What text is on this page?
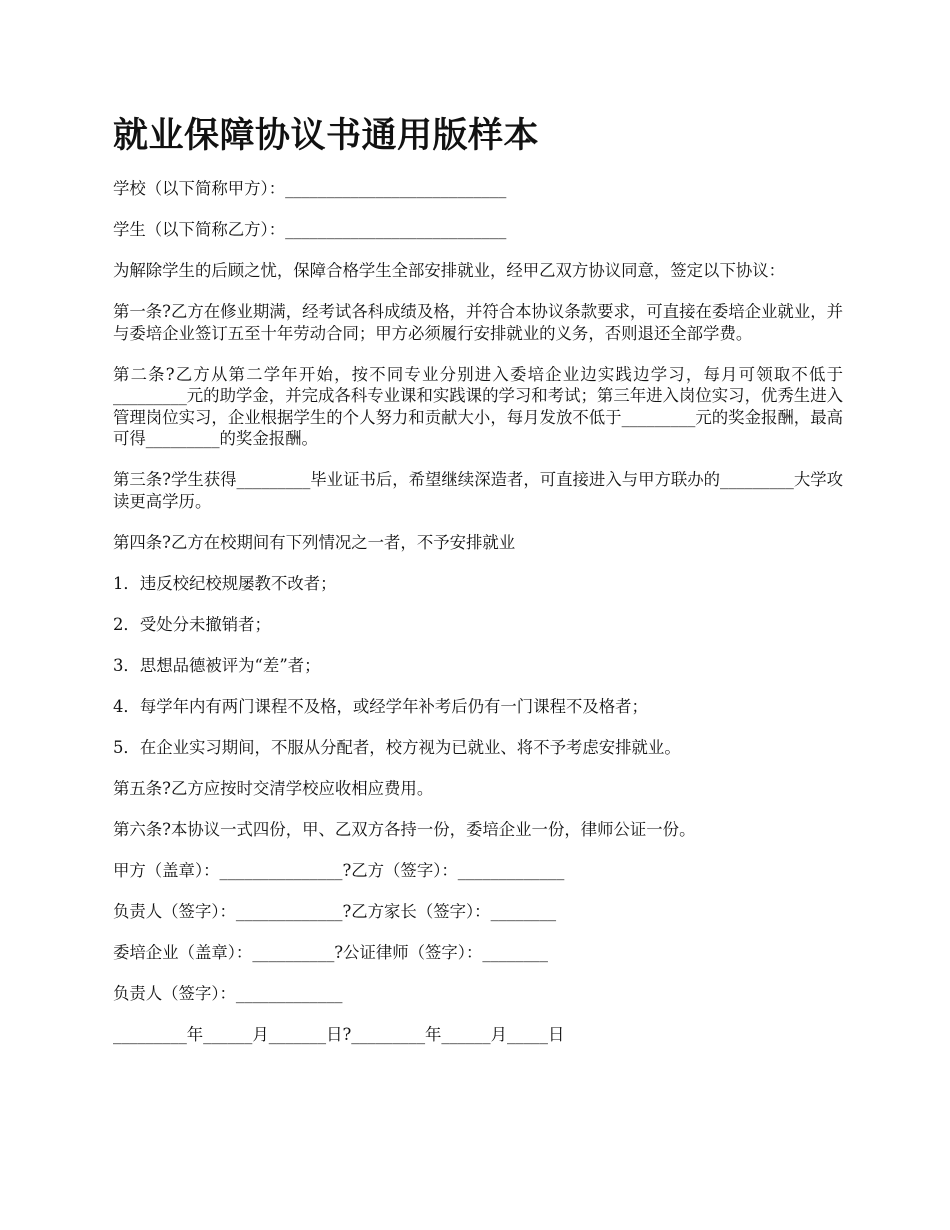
就业保障协议书通用版样本

学校（以下简称甲方）：___________________________

学生（以下简称乙方）：___________________________

为解除学生的后顾之忧，保障合格学生全部安排就业，经甲乙双方协议同意，签定以下协议：

第一条?乙方在修业期满，经考试各科成绩及格，并符合本协议条款要求，可直接在委培企业就业，并与委培企业签订五至十年劳动合同；甲方必须履行安排就业的义务，否则退还全部学费。

第二条?乙方从第二学年开始，按不同专业分别进入委培企业边实践边学习，每月可领取不低于_________元的助学金，并完成各科专业课和实践课的学习和考试；第三年进入岗位实习，优秀生进入管理岗位实习，企业根据学生的个人努力和贡献大小，每月发放不低于_________元的奖金报酬，最高可得_________的奖金报酬。

第三条?学生获得_________毕业证书后，希望继续深造者，可直接进入与甲方联办的_________大学攻读更高学历。

第四条?乙方在校期间有下列情况之一者，不予安排就业

1．违反校纪校规屡教不改者；

2．受处分未撤销者；

3．思想品德被评为“差”者；

4．每学年内有两门课程不及格，或经学年补考后仍有一门课程不及格者；

5．在企业实习期间，不服从分配者，校方视为已就业、将不予考虑安排就业。

第五条?乙方应按时交清学校应收相应费用。

第六条?本协议一式四份，甲、乙双方各持一份，委培企业一份，律师公证一份。

甲方（盖章）：_______________?乙方（签字）：_____________

负责人（签字）：_____________?乙方家长（签字）：________

委培企业（盖章）：__________?公证律师（签字）：________

负责人（签字）：_____________

_________年______月_______日?_________年______月_____日
